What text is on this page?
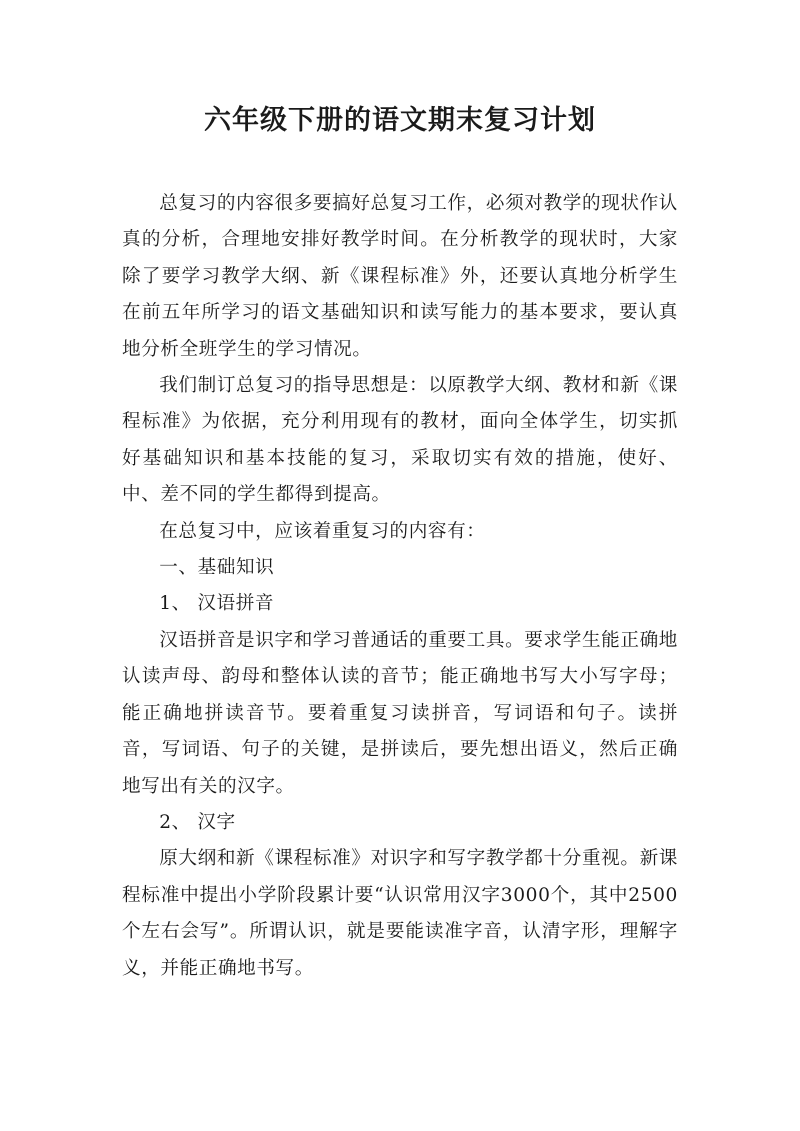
六年级下册的语文期末复习计划

总复习的内容很多要搞好总复习工作，必须对教学的现状作认真的分析，合理地安排好教学时间。在分析教学的现状时，大家除了要学习教学大纲、新《课程标准》外，还要认真地分析学生在前五年所学习的语文基础知识和读写能力的基本要求，要认真地分析全班学生的学习情况。

我们制订总复习的指导思想是：以原教学大纲、教材和新《课程标准》为依据，充分利用现有的教材，面向全体学生，切实抓好基础知识和基本技能的复习，采取切实有效的措施，使好、中、差不同的学生都得到提高。

在总复习中，应该着重复习的内容有：

一、基础知识

1、 汉语拼音

汉语拼音是识字和学习普通话的重要工具。要求学生能正确地认读声母、韵母和整体认读的音节；能正确地书写大小写字母；能正确地拼读音节。要着重复习读拼音，写词语和句子。读拼音，写词语、句子的关键，是拼读后，要先想出语义，然后正确地写出有关的汉字。

2、 汉字

原大纲和新《课程标准》对识字和写字教学都十分重视。新课程标准中提出小学阶段累计要“认识常用汉字3000个，其中2500个左右会写”。所谓认识，就是要能读准字音，认清字形，理解字义，并能正确地书写。
